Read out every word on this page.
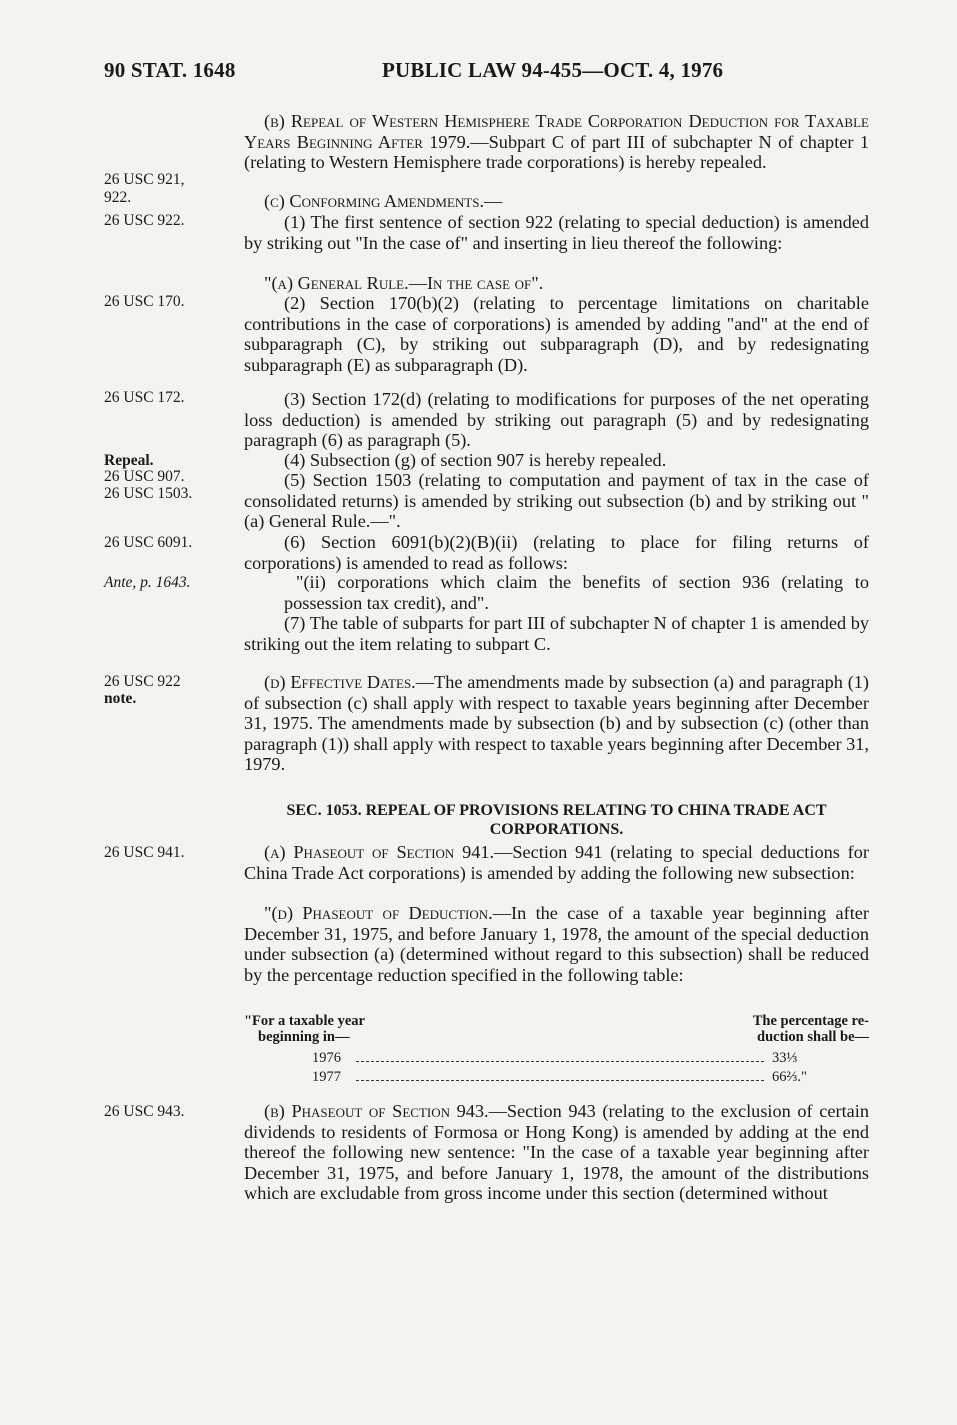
90 STAT. 1648	PUBLIC LAW 94-455—OCT. 4, 1976
26 USC 921,
922.
26 USC 922.
26 USC 170.
26 USC 172.
Repeal.
26 USC 907.
26 USC 1503.
26 USC 6091.
Ante, p. 1643.
26 USC 922
note.
26 USC 941.
26 USC 943.
(b) Repeal of Western Hemisphere Trade Corporation Deduction for Taxable Years Beginning After 1979.—Subpart C of part III of subchapter N of chapter 1 (relating to Western Hemisphere trade corporations) is hereby repealed.
(c) Conforming Amendments.—
(1) The first sentence of section 922 (relating to special deduction) is amended by striking out "In the case of" and inserting in lieu thereof the following:
"(a) General Rule.—In the case of".
(2) Section 170(b)(2) (relating to percentage limitations on charitable contributions in the case of corporations) is amended by adding "and" at the end of subparagraph (C), by striking out subparagraph (D), and by redesignating subparagraph (E) as subparagraph (D).
(3) Section 172(d) (relating to modifications for purposes of the net operating loss deduction) is amended by striking out paragraph (5) and by redesignating paragraph (6) as paragraph (5).
(4) Subsection (g) of section 907 is hereby repealed.
(5) Section 1503 (relating to computation and payment of tax in the case of consolidated returns) is amended by striking out subsection (b) and by striking out "(a) General Rule.—".
(6) Section 6091(b)(2)(B)(ii) (relating to place for filing returns of corporations) is amended to read as follows:
"(ii) corporations which claim the benefits of section 936 (relating to possession tax credit), and".
(7) The table of subparts for part III of subchapter N of chapter 1 is amended by striking out the item relating to subpart C.
(d) Effective Dates.—The amendments made by subsection (a) and paragraph (1) of subsection (c) shall apply with respect to taxable years beginning after December 31, 1975. The amendments made by subsection (b) and by subsection (c) (other than paragraph (1)) shall apply with respect to taxable years beginning after December 31, 1979.
SEC. 1053. REPEAL OF PROVISIONS RELATING TO CHINA TRADE ACT
CORPORATIONS.
(a) Phaseout of Section 941.—Section 941 (relating to special deductions for China Trade Act corporations) is amended by adding the following new subsection:
"(d) Phaseout of Deduction.—In the case of a taxable year beginning after December 31, 1975, and before January 1, 1978, the amount of the special deduction under subsection (a) (determined without regard to this subsection) shall be reduced by the percentage reduction specified in the following table:
"For a taxable year
beginning in—
The percentage re-
duction shall be—
1976	33⅓
1977	66⅔."
(b) Phaseout of Section 943.—Section 943 (relating to the exclusion of certain dividends to residents of Formosa or Hong Kong) is amended by adding at the end thereof the following new sentence: "In the case of a taxable year beginning after December 31, 1975, and before January 1, 1978, the amount of the distributions which are excludable from gross income under this section (determined without
